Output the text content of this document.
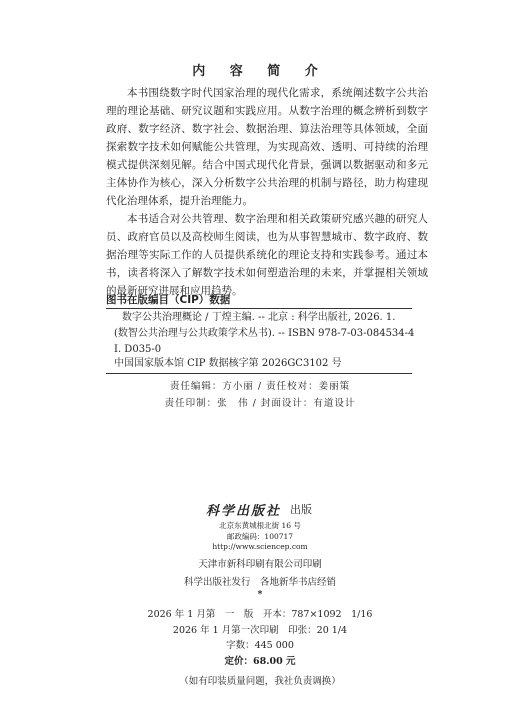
内 容 简 介

本书围绕数字时代国家治理的现代化需求，系统阐述数字公共治理的理论基础、研究议题和实践应用。从数字治理的概念辨析到数字政府、数字经济、数字社会、数据治理、算法治理等具体领域，全面探索数字技术如何赋能公共管理，为实现高效、透明、可持续的治理模式提供深刻见解。结合中国式现代化背景，强调以数据驱动和多元主体协作为核心，深入分析数字公共治理的机制与路径，助力构建现代化治理体系，提升治理能力。

本书适合对公共管理、数字治理和相关政策研究感兴趣的研究人员、政府官员以及高校师生阅读，也为从事智慧城市、数字政府、数据治理等实际工作的人员提供系统化的理论支持和实践参考。通过本书，读者将深入了解数字技术如何塑造治理的未来，并掌握相关领域的最新研究进展和应用趋势。

图书在版编目（CIP）数据
数字公共治理概论 / 丁煌主编. -- 北京 : 科学出版社, 2026. 1.
(数智公共治理与公共政策学术丛书). -- ISBN 978-7-03-084534-4
Ⅰ. D035-0
中国国家版本馆 CIP 数据核字第 2026GC3102 号
责任编辑：方小丽 / 责任校对：姜丽策
责任印制：张　伟 / 封面设计：有道设计
科学出版社 出版
北京东黄城根北街 16 号
邮政编码：100717
http://www.sciencep.com
天津市新科印刷有限公司印刷
科学出版社发行　各地新华书店经销
*
2026 年 1 月第　一　版　开本：787×1092　1/16
2026 年 1 月第一次印刷　印张：20 1/4
字数：445 000
定价：68.00 元
（如有印装质量问题，我社负责调换）
